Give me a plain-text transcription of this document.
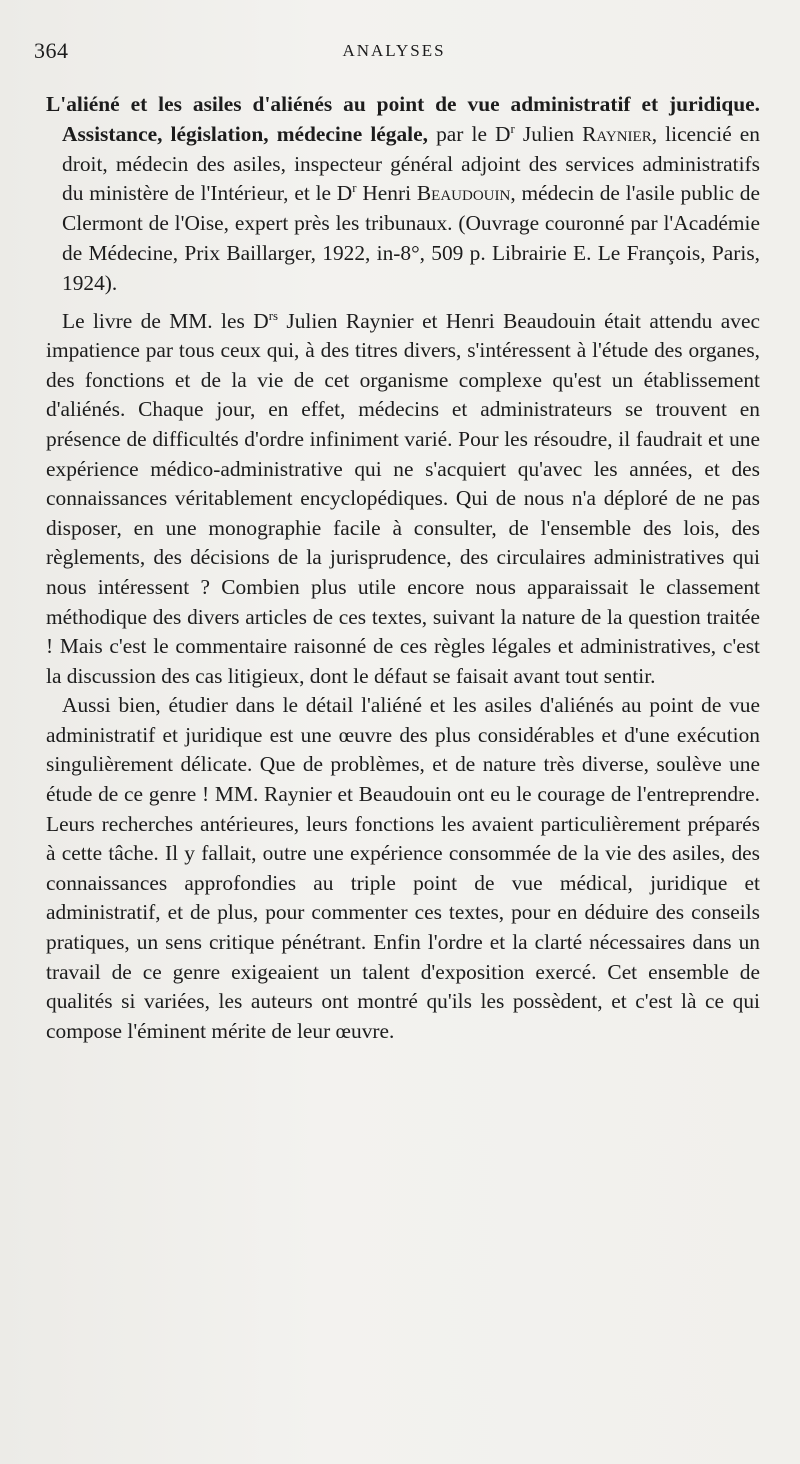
364	ANALYSES

L'aliéné et les asiles d'aliénés au point de vue administratif et juridique. Assistance, législation, médecine légale, par le $D^r$ Julien Raynier, licencié en droit, médecin des asiles, inspecteur général adjoint des services administratifs du ministère de l'Intérieur, et le $D^r$ Henri Beaudouin, médecin de l'asile public de Clermont de l'Oise, expert près les tribunaux. (Ouvrage couronné par l'Académie de Médecine, Prix Baillarger, 1922, in-8°, 509 p. Librairie E. Le François, Paris, 1924).

Le livre de MM. les $D^{rs}$ Julien Raynier et Henri Beaudouin était attendu avec impatience par tous ceux qui, à des titres divers, s'intéressent à l'étude des organes, des fonctions et de la vie de cet organisme complexe qu'est un établissement d'aliénés. Chaque jour, en effet, médecins et administrateurs se trouvent en présence de difficultés d'ordre infiniment varié. Pour les résoudre, il faudrait et une expérience médico-administrative qui ne s'acquiert qu'avec les années, et des connaissances véritablement encyclopédiques. Qui de nous n'a déploré de ne pas disposer, en une monographie facile à consulter, de l'ensemble des lois, des règlements, des décisions de la jurisprudence, des circulaires administratives qui nous intéressent ? Combien plus utile encore nous apparaissait le classement méthodique des divers articles de ces textes, suivant la nature de la question traitée ! Mais c'est le commentaire raisonné de ces règles légales et administratives, c'est la discussion des cas litigieux, dont le défaut se faisait avant tout sentir.

Aussi bien, étudier dans le détail l'aliéné et les asiles d'aliénés au point de vue administratif et juridique est une œuvre des plus considérables et d'une exécution singulièrement délicate. Que de problèmes, et de nature très diverse, soulève une étude de ce genre ! MM. Raynier et Beaudouin ont eu le courage de l'entreprendre. Leurs recherches antérieures, leurs fonctions les avaient particulièrement préparés à cette tâche. Il y fallait, outre une expérience consommée de la vie des asiles, des connaissances approfondies au triple point de vue médical, juridique et administratif, et de plus, pour commenter ces textes, pour en déduire des conseils pratiques, un sens critique pénétrant. Enfin l'ordre et la clarté nécessaires dans un travail de ce genre exigeaient un talent d'exposition exercé. Cet ensemble de qualités si variées, les auteurs ont montré qu'ils les possèdent, et c'est là ce qui compose l'éminent mérite de leur œuvre.
